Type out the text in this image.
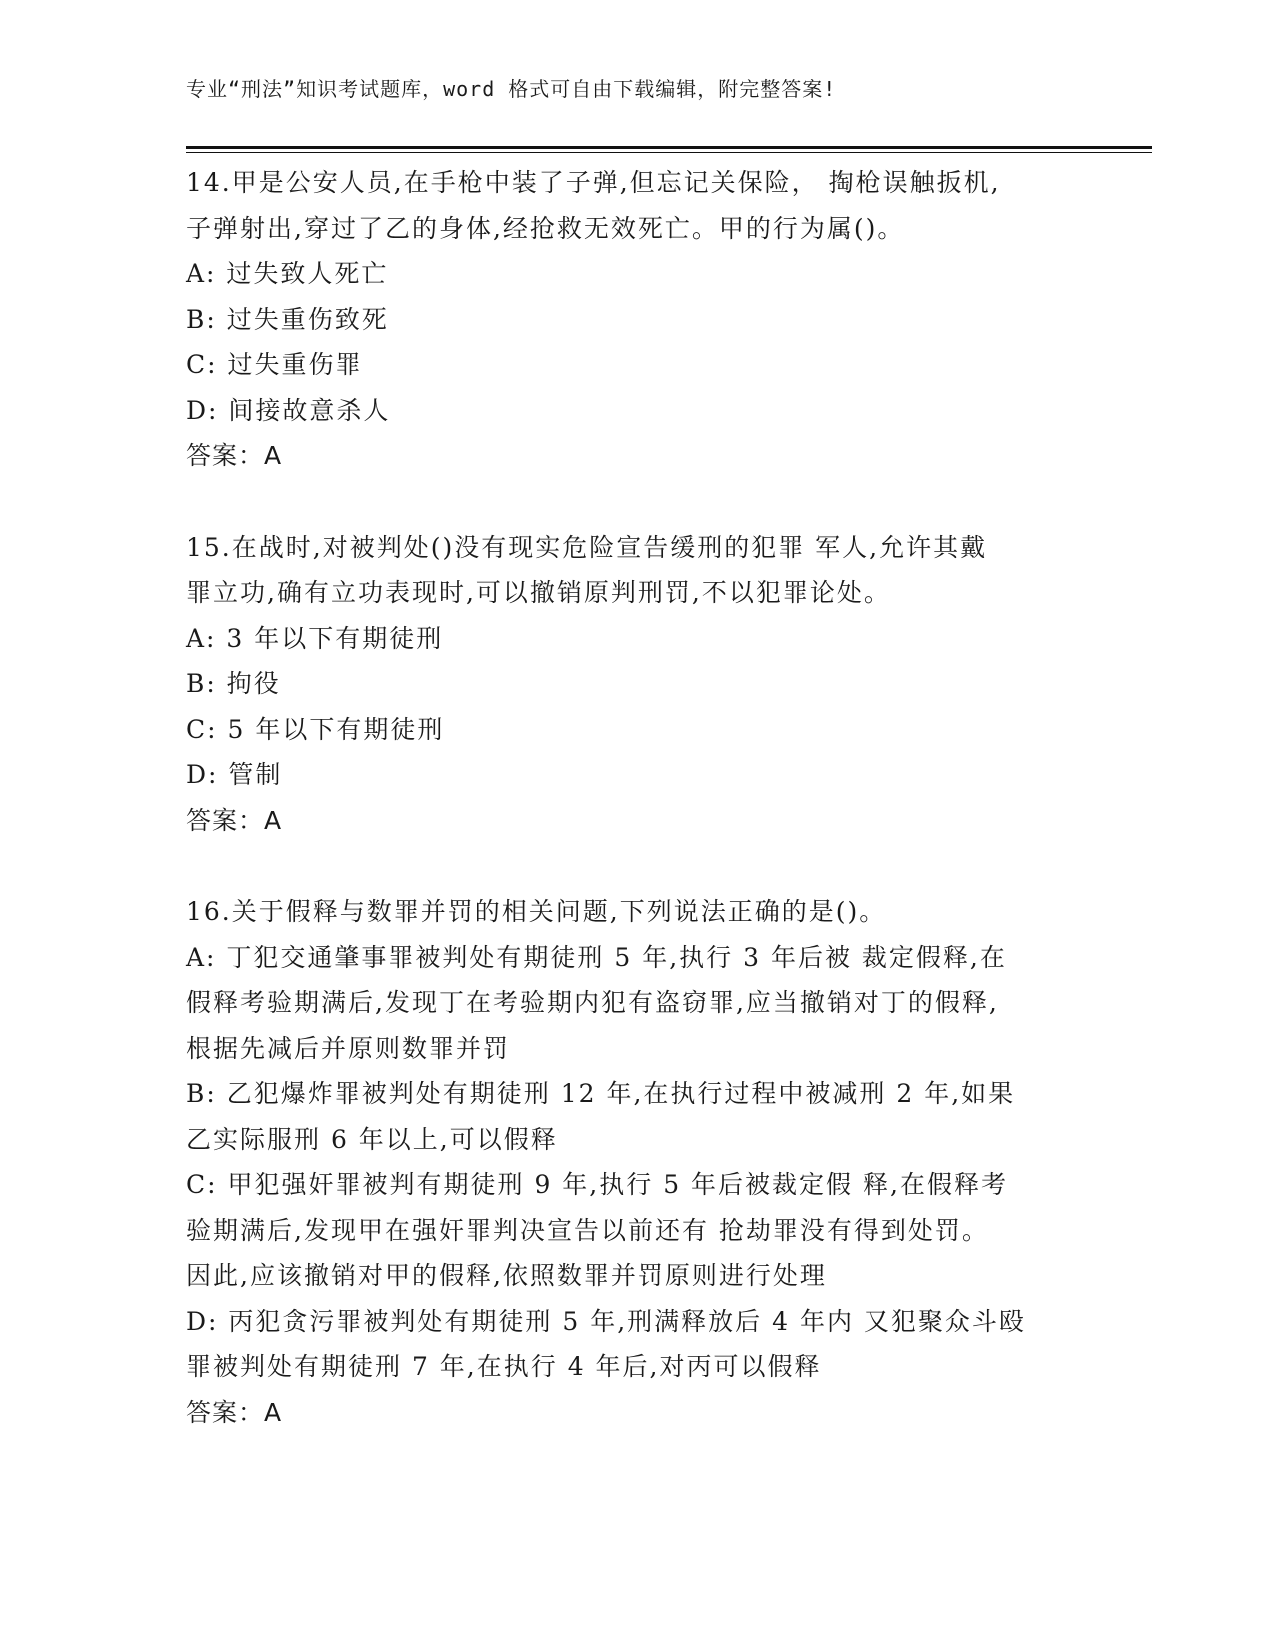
专业“刑法”知识考试题库，word 格式可自由下载编辑，附完整答案!
14.甲是公安人员,在手枪中装了子弹,但忘记关保险， 掏枪误触扳机,
子弹射出,穿过了乙的身体,经抢救无效死亡。甲的行为属()。
A: 过失致人死亡
B: 过失重伤致死
C: 过失重伤罪
D: 间接故意杀人
答案：A
15.在战时,对被判处()没有现实危险宣告缓刑的犯罪 军人,允许其戴
罪立功,确有立功表现时,可以撤销原判刑罚,不以犯罪论处。
A: 3 年以下有期徒刑
B: 拘役
C: 5 年以下有期徒刑
D: 管制
答案：A
16.关于假释与数罪并罚的相关问题,下列说法正确的是()。
A: 丁犯交通肇事罪被判处有期徒刑 5 年,执行 3 年后被 裁定假释,在
假释考验期满后,发现丁在考验期内犯有盗窃罪,应当撤销对丁的假释,
根据先减后并原则数罪并罚
B: 乙犯爆炸罪被判处有期徒刑 12 年,在执行过程中被减刑 2 年,如果
乙实际服刑 6 年以上,可以假释
C: 甲犯强奸罪被判有期徒刑 9 年,执行 5 年后被裁定假 释,在假释考
验期满后,发现甲在强奸罪判决宣告以前还有 抢劫罪没有得到处罚。
因此,应该撤销对甲的假释,依照数罪并罚原则进行处理
D: 丙犯贪污罪被判处有期徒刑 5 年,刑满释放后 4 年内 又犯聚众斗殴
罪被判处有期徒刑 7 年,在执行 4 年后,对丙可以假释
答案：A
